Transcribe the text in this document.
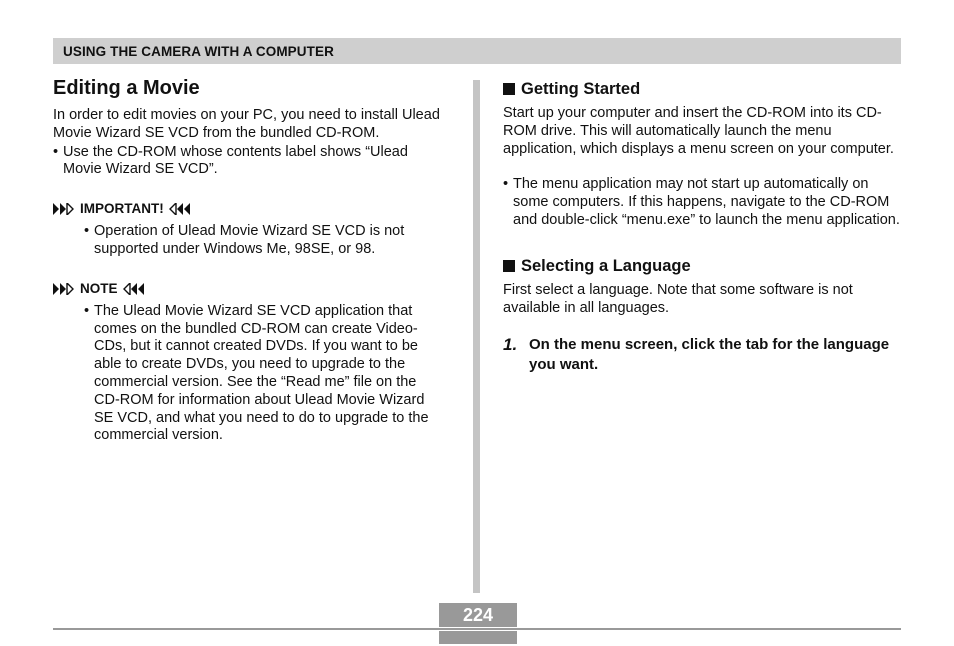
USING THE CAMERA WITH A COMPUTER
Editing a Movie

In order to edit movies on your PC, you need to install Ulead Movie Wizard SE VCD from the bundled CD-ROM.

• Use the CD-ROM whose contents label shows “Ulead
Movie Wizard SE VCD”.
IMPORTANT!
• Operation of Ulead Movie Wizard SE VCD is not supported under Windows Me, 98SE, or 98.
NOTE
• The Ulead Movie Wizard SE VCD application that comes on the bundled CD-ROM can create Video-CDs, but it cannot created DVDs. If you want to be able to create DVDs, you need to upgrade to the commercial version. See the “Read me” file on the CD-ROM for information about Ulead Movie Wizard SE VCD, and what you need to do to upgrade to the commercial version.
Getting Started

Start up your computer and insert the CD-ROM into its CD-ROM drive. This will automatically launch the menu application, which displays a menu screen on your computer.

• The menu application may not start up automatically on some computers. If this happens, navigate to the CD-ROM and double-click “menu.exe” to launch the menu application.
Selecting a Language

First select a language. Note that some software is not available in all languages.

1. On the menu screen, click the tab for the language you want.
224
